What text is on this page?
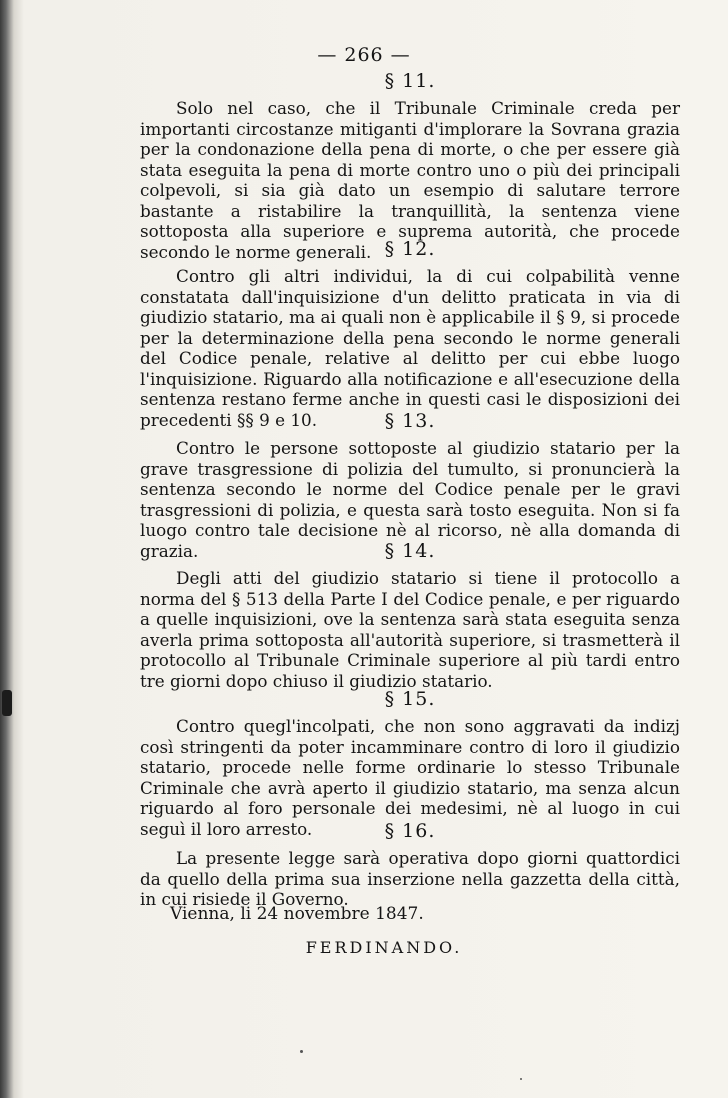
— 266 —
§ 11.

Solo nel caso, che il Tribunale Criminale creda per importanti circostanze mitiganti d'implorare la Sovrana grazia per la condonazione della pena di morte, o che per essere già stata eseguita la pena di morte contro uno o più dei principali colpevoli, si sia già dato un esempio di salutare terrore bastante a ristabilire la tranquillità, la sentenza viene sottoposta alla superiore e suprema autorità, che procede secondo le norme generali. § 12.

Contro gli altri individui, la di cui colpabilità venne constatata dall'inquisizione d'un delitto praticata in via di giudizio statario, ma ai quali non è applicabile il § 9, si procede per la determinazione della pena secondo le norme generali del Codice penale, relative al delitto per cui ebbe luogo l'inquisizione. Riguardo alla notificazione e all'esecuzione della sentenza restano ferme anche in questi casi le disposizioni dei precedenti §§ 9 e 10.	§ 13.

Contro le persone sottoposte al giudizio statario per la grave trasgressione di polizia del tumulto, si pronuncierà la sentenza secondo le norme del Codice penale per le gravi trasgressioni di polizia, e questa sarà tosto eseguita. Non si fa luogo contro tale decisione nè al ricorso, nè alla domanda di grazia.	§ 14.

Degli atti del giudizio statario si tiene il protocollo a norma del § 513 della Parte I del Codice penale, e per riguardo a quelle inquisizioni, ove la sentenza sarà stata eseguita senza averla prima sottoposta all'autorità superiore, si trasmetterà il protocollo al Tribunale Criminale superiore al più tardi entro tre giorni dopo chiuso il giudizio statario.

§ 15.

Contro quegl'incolpati, che non sono aggravati da indizj così stringenti da poter incamminare contro di loro il giudizio statario, procede nelle forme ordinarie lo stesso Tribunale Criminale che avrà aperto il giudizio statario, ma senza alcun riguardo al foro personale dei medesimi, nè al luogo in cui seguì il loro arresto.	§ 16.

La presente legge sarà operativa dopo giorni quattordici da quello della prima sua inserzione nella gazzetta della città, in cui risiede il Governo.

Vienna, li 24 novembre 1847.
FERDINANDO.
